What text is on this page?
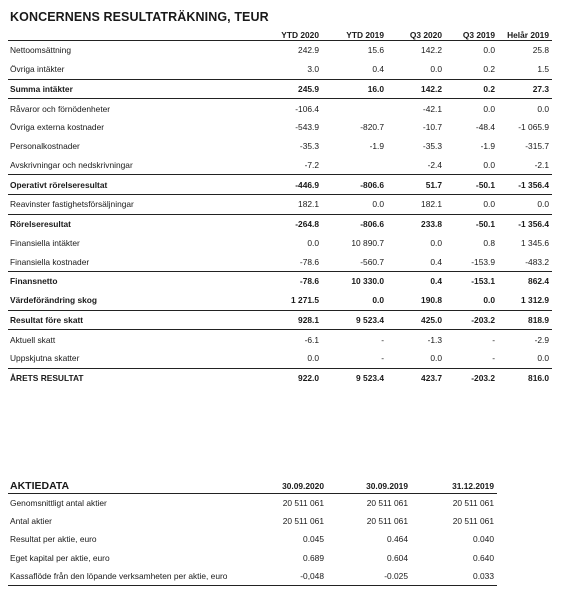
KONCERNENS RESULTATRÄKNING, TEUR
	YTD 2020	YTD 2019	Q3 2020	Q3 2019	Helår 2019
Nettoomsättning	242.9	15.6	142.2	0.0	25.8
Övriga intäkter	3.0	0.4	0.0	0.2	1.5
Summa intäkter	245.9	16.0	142.2	0.2	27.3
Råvaror och förnödenheter	-106.4		-42.1	0.0	0.0
Övriga externa kostnader	-543.9	-820.7	-10.7	-48.4	-1 065.9
Personalkostnader	-35.3	-1.9	-35.3	-1.9	-315.7
Avskrivningar och nedskrivningar	-7.2		-2.4	0.0	-2.1
Operativt rörelseresultat	-446.9	-806.6	51.7	-50.1	-1 356.4
Reavinster fastighetsförsäljningar	182.1	0.0	182.1	0.0	0.0
Rörelseresultat	-264.8	-806.6	233.8	-50.1	-1 356.4
Finansiella intäkter	0.0	10 890.7	0.0	0.8	1 345.6
Finansiella kostnader	-78.6	-560.7	0.4	-153.9	-483.2
Finansnetto	-78.6	10 330.0	0.4	-153.1	862.4
Värdeförändring skog	1 271.5	0.0	190.8	0.0	1 312.9
Resultat före skatt	928.1	9 523.4	425.0	-203.2	818.9
Aktuell skatt	-6.1	-	-1.3	-	-2.9
Uppskjutna skatter	0.0	-	0.0	-	0.0
ÅRETS RESULTAT	922.0	9 523.4	423.7	-203.2	816.0
AKTIEDATA	30.09.2020	30.09.2019	31.12.2019
Genomsnittligt antal aktier	20 511 061	20 511 061	20 511 061
Antal aktier	20 511 061	20 511 061	20 511 061
Resultat per aktie, euro	0.045	0.464	0.040
Eget kapital per aktie, euro	0.689	0.604	0.640
Kassaflöde från den löpande verksamheten per aktie, euro	-0,048	-0.025	0.033
